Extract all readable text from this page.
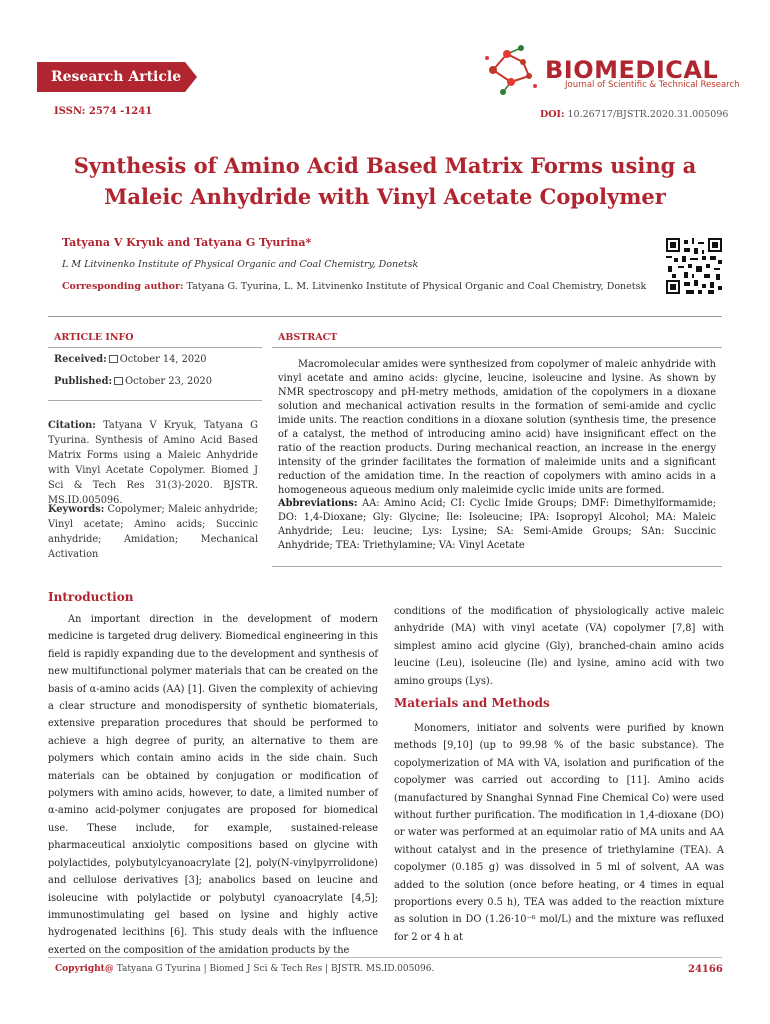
Research Article
ISSN: 2574 -1241
BIOMEDICAL
Journal of Scientific & Technical Research
DOI: 10.26717/BJSTR.2020.31.005096
Synthesis of Amino Acid Based Matrix Forms using a
Maleic Anhydride with Vinyl Acetate Copolymer
Tatyana V Kryuk and Tatyana G Tyurina*
L M Litvinenko Institute of Physical Organic and Coal Chemistry, Donetsk
Corresponding author: Tatyana G. Tyurina, L. M. Litvinenko Institute of Physical Organic and Coal Chemistry, Donetsk
ARTICLE INFO
Received: October 14, 2020
Published: October 23, 2020
Citation: Tatyana V Kryuk, Tatyana G Tyurina. Synthesis of Amino Acid Based Matrix Forms using a Maleic Anhydride with Vinyl Acetate Copolymer. Biomed J Sci & Tech Res 31(3)-2020. BJSTR. MS.ID.005096.
Keywords: Copolymer; Maleic anhydride; Vinyl acetate; Amino acids; Succinic anhydride; Amidation; Mechanical Activation
ABSTRACT
Macromolecular amides were synthesized from copolymer of maleic anhydride with vinyl acetate and amino acids: glycine, leucine, isoleucine and lysine. As shown by NMR spectroscopy and pH-metry methods, amidation of the copolymers in a dioxane solution and mechanical activation results in the formation of semi-amide and cyclic imide units. The reaction conditions in a dioxane solution (synthesis time, the presence of a catalyst, the method of introducing amino acid) have insignificant effect on the ratio of the reaction products. During mechanical reaction, an increase in the energy intensity of the grinder facilitates the formation of maleimide units and a significant reduction of the amidation time. In the reaction of copolymers with amino acids in a homogeneous aqueous medium only maleimide cyclic imide units are formed.
Abbreviations: AA: Amino Acid; CI: Cyclic Imide Groups; DMF: Dimethylformamide; DO: 1,4-Dioxane; Gly: Glycine; Ile: Isoleucine; IPA: Isopropyl Alcohol; MA: Maleic Anhydride; Leu: leucine; Lys: Lysine; SA: Semi-Amide Groups; SAn: Succinic Anhydride; TEA: Triethylamine; VA: Vinyl Acetate
Introduction
An important direction in the development of modern medicine is targeted drug delivery. Biomedical engineering in this field is rapidly expanding due to the development and synthesis of new multifunctional polymer materials that can be created on the basis of α-amino acids (AA) [1]. Given the complexity of achieving a clear structure and monodispersity of synthetic biomaterials, extensive preparation procedures that should be performed to achieve a high degree of purity, an alternative to them are polymers which contain amino acids in the side chain. Such materials can be obtained by conjugation or modification of polymers with amino acids, however, to date, a limited number of α-amino acid-polymer conjugates are proposed for biomedical use. These include, for example, sustained-release pharmaceutical anxiolytic compositions based on glycine with polylactides, polybutylcyanoacrylate [2], poly(N-vinylpyrrolidone) and cellulose derivatives [3]; anabolics based on leucine and isoleucine with polylactide or polybutyl cyanoacrylate [4,5]; immunostimulating gel based on lysine and highly active hydrogenated lecithins [6]. This study deals with the influence exerted on the composition of the amidation products by the
conditions of the modification of physiologically active maleic anhydride (MA) with vinyl acetate (VA) copolymer [7,8] with simplest amino acid glycine (Gly), branched-chain amino acids leucine (Leu), isoleucine (Ile) and lysine, amino acid with two amino groups (Lys).
Materials and Methods
Monomers, initiator and solvents were purified by known methods [9,10] (up to 99.98 % of the basic substance). The copolymerization of MA with VA, isolation and purification of the copolymer was carried out according to [11]. Amino acids (manufactured by Snanghai Synnad Fine Chemical Co) were used without further purification. The modification in 1,4-dioxane (DO) or water was performed at an equimolar ratio of MA units and AA without catalyst and in the presence of triethylamine (TEA). A copolymer (0.185 g) was dissolved in 5 ml of solvent, AA was added to the solution (once before heating, or 4 times in equal proportions every 0.5 h), TEA was added to the reaction mixture as solution in DO (1.26·10⁻⁶ mol/L) and the mixture was refluxed for 2 or 4 h at
Copyright@ Tatyana G Tyurina | Biomed J Sci & Tech Res | BJSTR. MS.ID.005096.	24166
